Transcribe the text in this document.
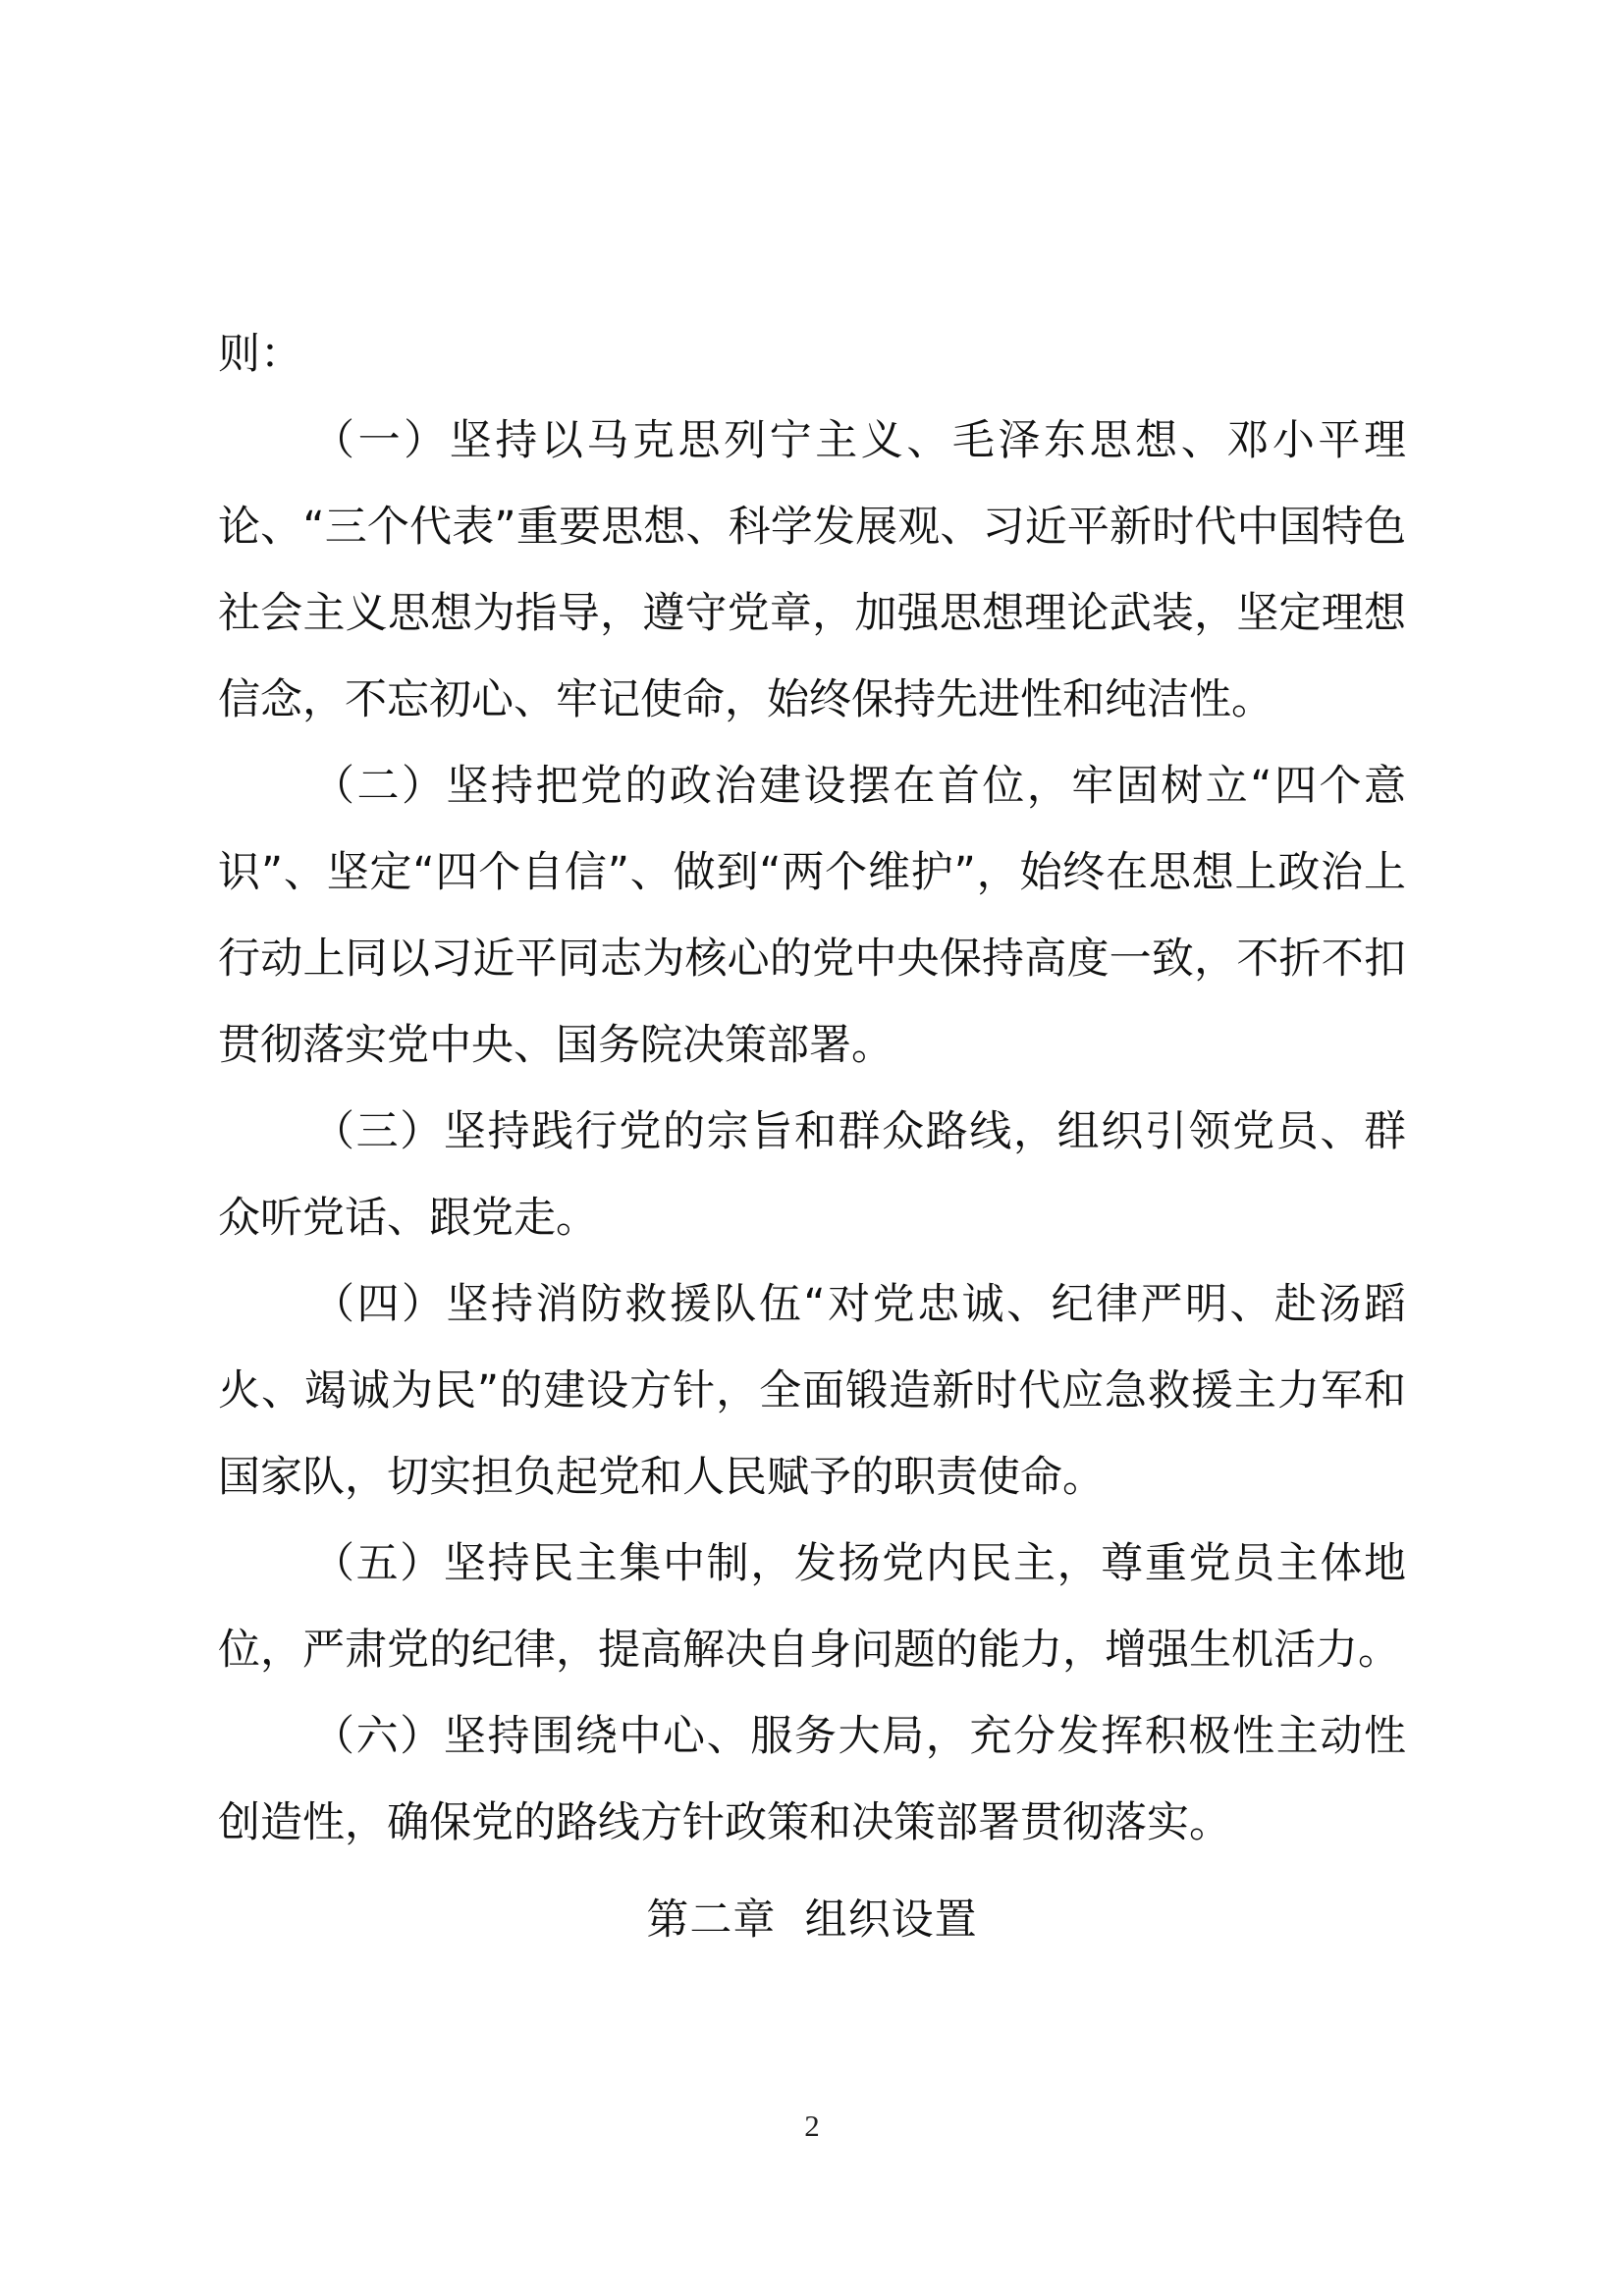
则：

（一）坚持以马克思列宁主义、毛泽东思想、邓小平理论、“三个代表”重要思想、科学发展观、习近平新时代中国特色社会主义思想为指导，遵守党章，加强思想理论武装，坚定理想信念，不忘初心、牢记使命，始终保持先进性和纯洁性。

（二）坚持把党的政治建设摆在首位，牢固树立“四个意识”、坚定“四个自信”、做到“两个维护”，始终在思想上政治上行动上同以习近平同志为核心的党中央保持高度一致，不折不扣贯彻落实党中央、国务院决策部署。

（三）坚持践行党的宗旨和群众路线，组织引领党员、群众听党话、跟党走。

（四）坚持消防救援队伍“对党忠诚、纪律严明、赴汤蹈火、竭诚为民”的建设方针，全面锻造新时代应急救援主力军和国家队，切实担负起党和人民赋予的职责使命。

（五）坚持民主集中制，发扬党内民主，尊重党员主体地位，严肃党的纪律，提高解决自身问题的能力，增强生机活力。

（六）坚持围绕中心、服务大局，充分发挥积极性主动性创造性，确保党的路线方针政策和决策部署贯彻落实。

第二章  组织设置
2
